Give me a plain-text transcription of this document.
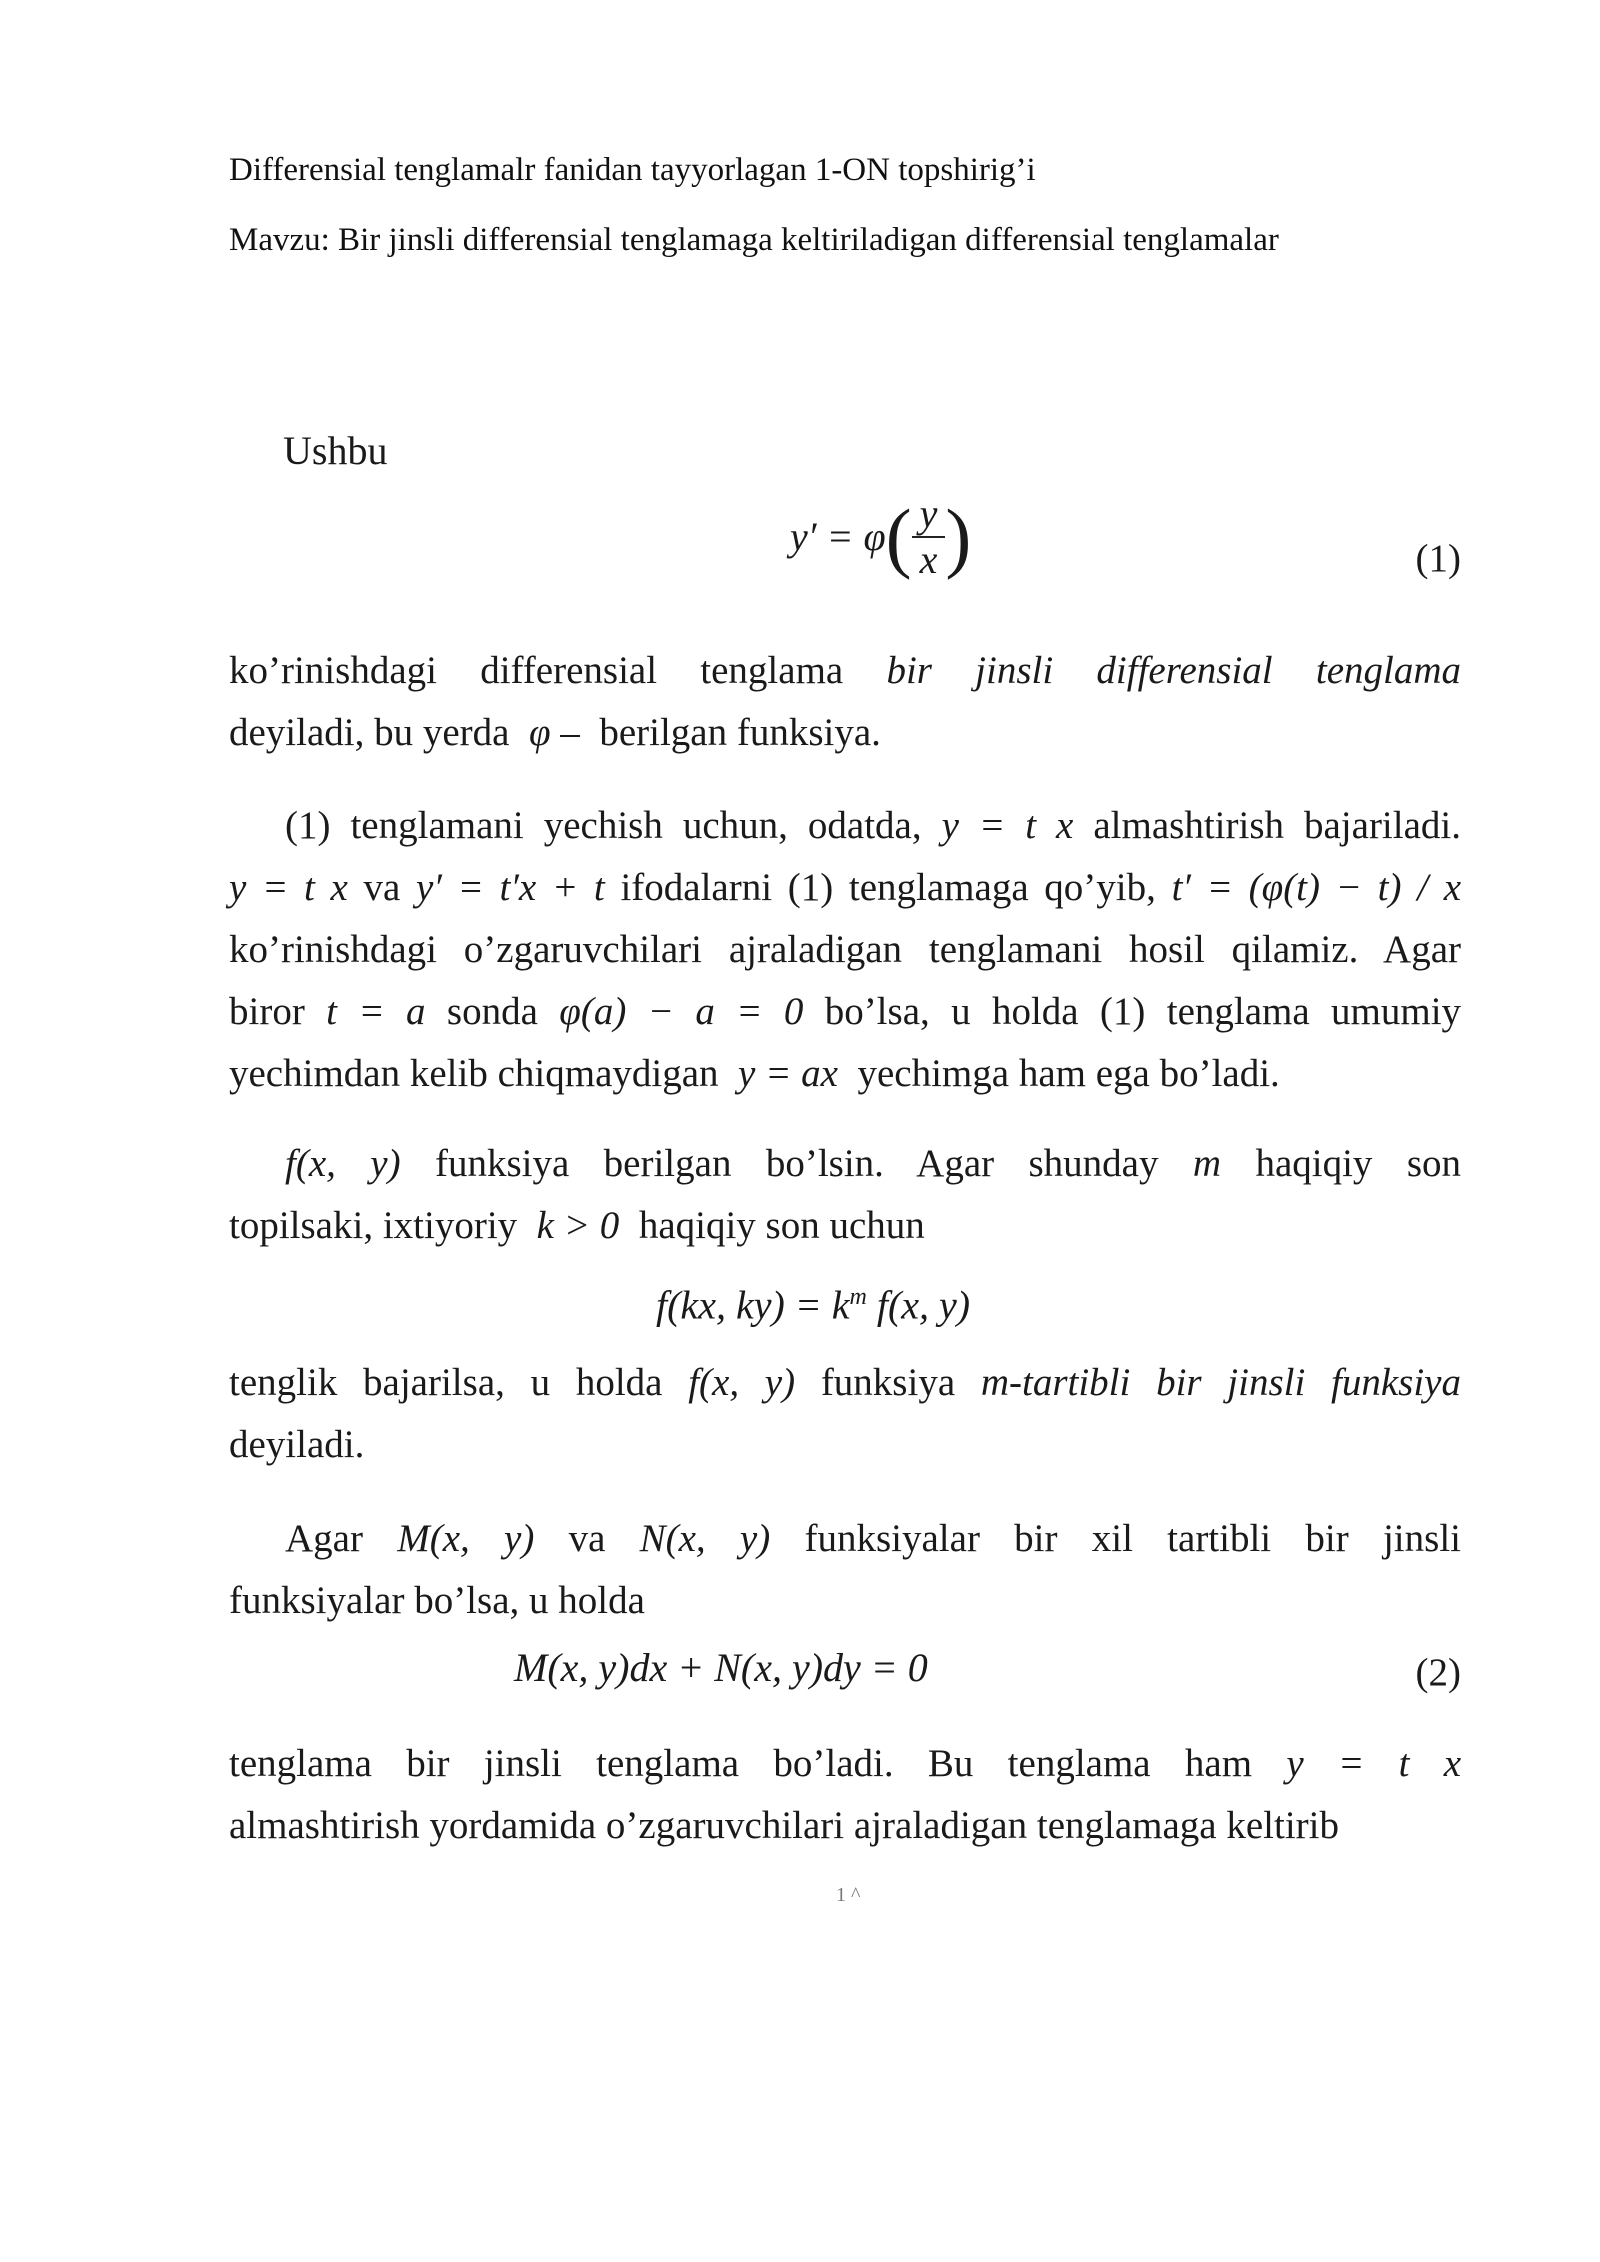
Differensial tenglamalr fanidan tayyorlagan 1-ON topshirig’i
Mavzu: Bir jinsli differensial tenglamaga keltiriladigan differensial tenglamalar
Ushbu
$y' = \varphi( \frac{y}{x}$ )	(1)
ko’rinishdagi differensial tenglama bir jinsli differensial tenglama
deyiladi, bu yerda φ – berilgan funksiya.
(1) tenglamani yechish uchun, odatda, y = t x almashtirish bajariladi.
y = t x va y′ = t′x + t ifodalarni (1) tenglamaga qo’yib, t′ = (φ(t) − t) / x
ko’rinishdagi o’zgaruvchilari ajraladigan tenglamani hosil qilamiz. Agar
biror t = a sonda φ(a) − a = 0 bo’lsa, u holda (1) tenglama umumiy
yechimdan kelib chiqmaydigan y = ax yechimga ham ega bo’ladi.
f(x, y) funksiya berilgan bo’lsin. Agar shunday m haqiqiy son
topilsaki, ixtiyoriy k > 0 haqiqiy son uchun
f(kx, $ky) = k^m$ f(x, y)
tenglik bajarilsa, u holda f(x, y) funksiya m-tartibli bir jinsli funksiya
deyiladi.
Agar M(x, y) va N(x, y) funksiyalar bir xil tartibli bir jinsli
funksiyalar bo’lsa, u holda
M(x, y)dx + N(x, y)dy = 0	(2)
tenglama bir jinsli tenglama bo’ladi. Bu tenglama ham y = t x
almashtirish yordamida o’zgaruvchilari ajraladigan tenglamaga keltirib
1 ^
